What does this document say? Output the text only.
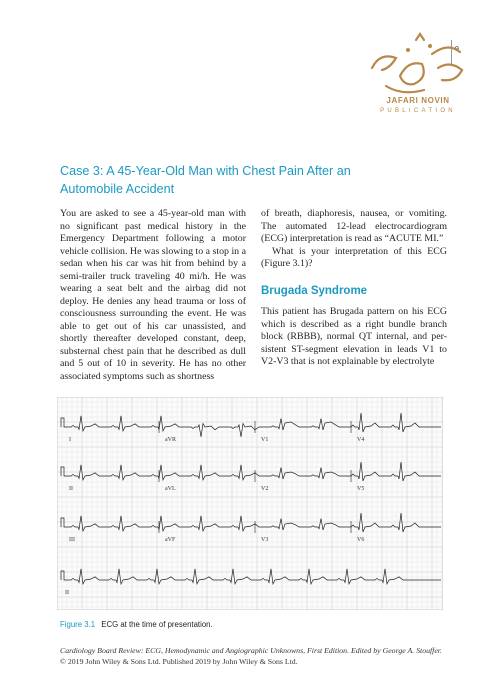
9
JAFARI NOVIN
PUBLICATION
Case 3: A 45-Year-Old Man with Chest Pain After an
Automobile Accident

You are asked to see a 45-year-old man with no significant past medical history in the Emergency Department following a motor vehicle collision. He was slowing to a stop in a sedan when his car was hit from behind by a semi-trailer truck traveling 40 mi/h. He was wearing a seat belt and the airbag did not deploy. He denies any head trauma or loss of consciousness surrounding the event. He was able to get out of his car unassisted, and shortly thereafter developed constant, deep, substernal chest pain that he described as dull and 5 out of 10 in severity. He has no other associated symptoms such as shortness

of breath, diaphoresis, nausea, or vomiting. The automated 12-lead electrocardiogram (ECG) interpretation is read as “ACUTE MI.”

What is your interpretation of this ECG (Figure 3.1)?

Brugada Syndrome

This patient has Brugada pattern on his ECG which is described as a right bundle branch block (RBBB), normal QT internal, and per- sistent ST-segment elevation in leads V1 to V2-V3 that is not explainable by electrolyte

I	aVR	V1	V4
II	aVL	V2	V5
III	aVF	V3	V6
II
Figure 3.1 ECG at the time of presentation.

Cardiology Board Review: ECG, Hemodynamic and Angiographic Unknowns, First Edition. Edited by George A. Stouffer.

© 2019 John Wiley & Sons Ltd. Published 2019 by John Wiley & Sons Ltd.
